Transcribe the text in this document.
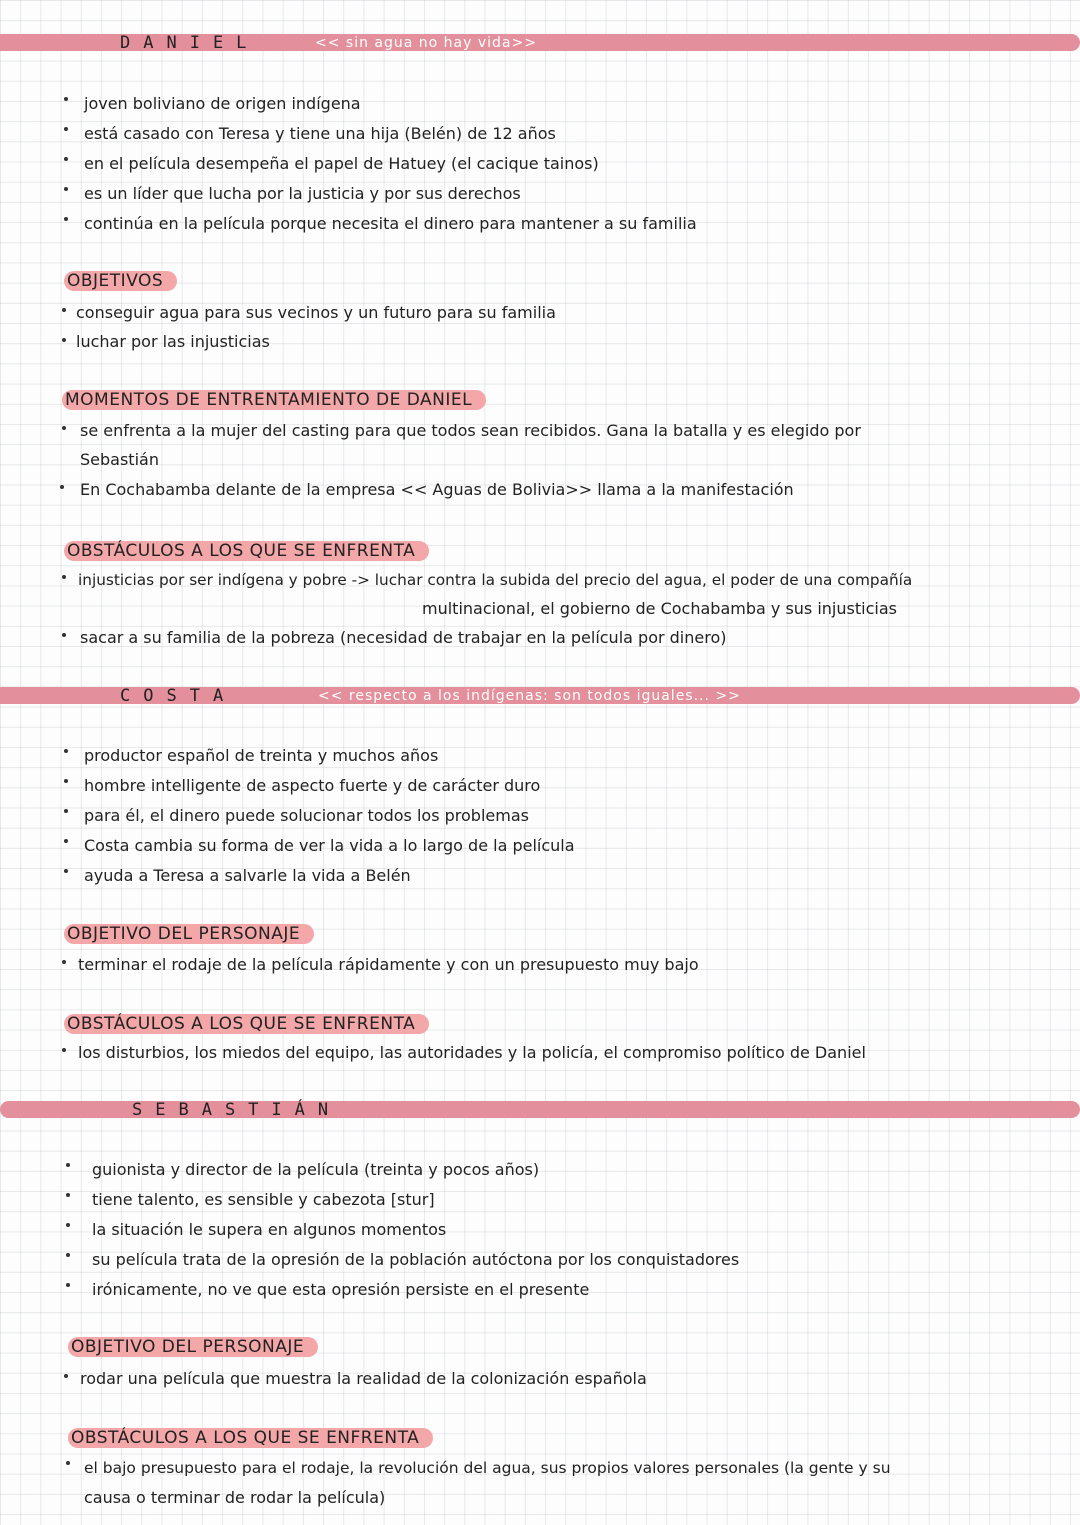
DANIEL	<< sin agua no hay vida>>
joven boliviano de origen indígena
está casado con Teresa y tiene una hija (Belén) de 12 años
en el película desempeña el papel de Hatuey (el cacique tainos)
es un líder que lucha por la justicia y por sus derechos
continúa en la película porque necesita el dinero para mantener a su familia
OBJETIVOS
conseguir agua para sus vecinos y un futuro para su familia
luchar por las injusticias
MOMENTOS DE ENTRENTAMIENTO DE DANIEL
se enfrenta a la mujer del casting para que todos sean recibidos. Gana la batalla y es elegido por
Sebastián
En Cochabamba delante de la empresa << Aguas de Bolivia>> llama a la manifestación
OBSTÁCULOS A LOS QUE SE ENFRENTA
injusticias por ser indígena y pobre -> luchar contra la subida del precio del agua, el poder de una compañía
multinacional, el gobierno de Cochabamba y sus injusticias
sacar a su familia de la pobreza (necesidad de trabajar en la película por dinero)
COSTA	<< respecto a los indígenas: son todos iguales... >>
productor español de treinta y muchos años
hombre intelligente de aspecto fuerte y de carácter duro
para él, el dinero puede solucionar todos los problemas
Costa cambia su forma de ver la vida a lo largo de la película
ayuda a Teresa a salvarle la vida a Belén
OBJETIVO DEL PERSONAJE
terminar el rodaje de la película rápidamente y con un presupuesto muy bajo
OBSTÁCULOS A LOS QUE SE ENFRENTA
los disturbios, los miedos del equipo, las autoridades y la policía, el compromiso político de Daniel
SEBASTIÁN
guionista y director de la película (treinta y pocos años)
tiene talento, es sensible y cabezota [stur]
la situación le supera en algunos momentos
su película trata de la opresión de la población autóctona por los conquistadores
irónicamente, no ve que esta opresión persiste en el presente
OBJETIVO DEL PERSONAJE
rodar una película que muestra la realidad de la colonización española
OBSTÁCULOS A LOS QUE SE ENFRENTA
el bajo presupuesto para el rodaje, la revolución del agua, sus propios valores personales (la gente y su
causa o terminar de rodar la película)
